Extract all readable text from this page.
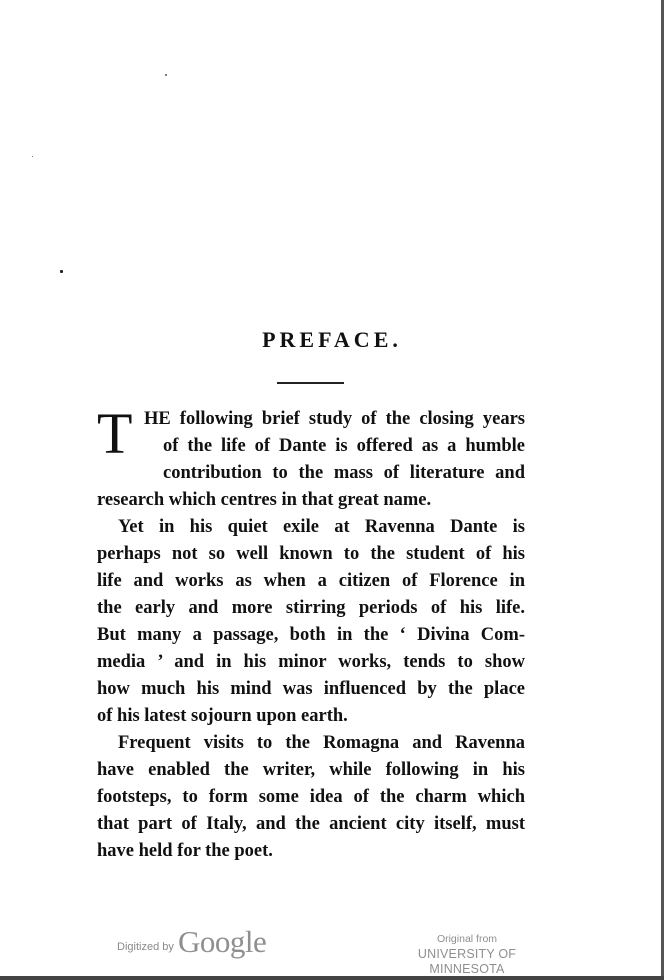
PREFACE.
T HE following brief study of the closing years
of the life of Dante is offered as a humble
contribution to the mass of literature and
research which centres in that great name.
Yet in his quiet exile at Ravenna Dante is
perhaps not so well known to the student of his
life and works as when a citizen of Florence in
the early and more stirring periods of his life.
But many a passage, both in the ‘ Divina Com-
media ’ and in his minor works, tends to show
how much his mind was influenced by the place
of his latest sojourn upon earth.
Frequent visits to the Romagna and Ravenna
have enabled the writer, while following in his
footsteps, to form some idea of the charm which
that part of Italy, and the ancient city itself, must
have held for the poet.
Digitized by Google	Original from
UNIVERSITY OF MINNESOTA
